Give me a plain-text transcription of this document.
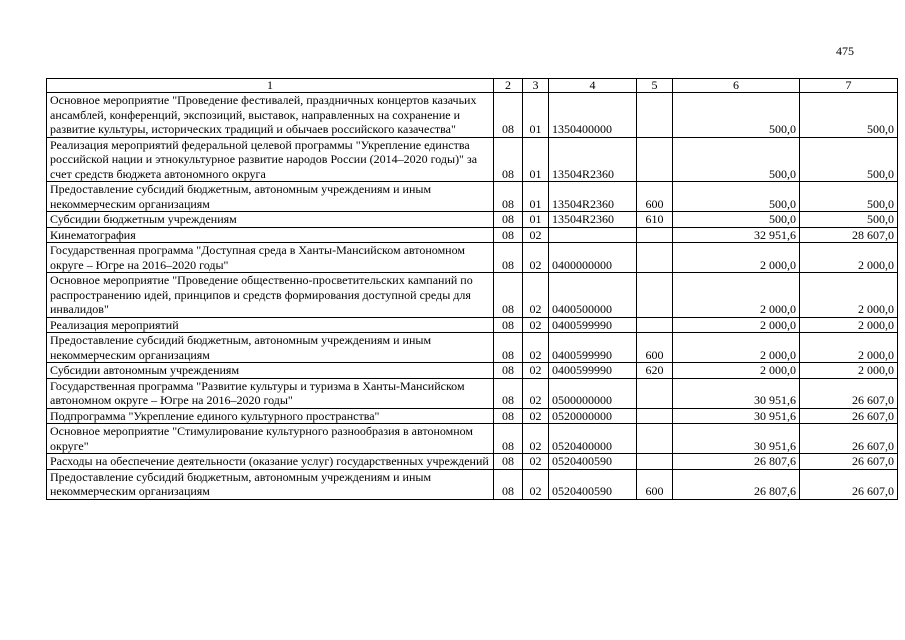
475
1	2	3	4	5	6	7
Основное мероприятие "Проведение фестивалей, праздничных концертов казачьих ансамблей, конференций, экспозиций, выставок, направленных на сохранение и развитие культуры, исторических традиций и обычаев российского казачества"	08	01	1350400000		500,0	500,0
Реализация мероприятий федеральной целевой программы "Укрепление единства российской нации и этнокультурное развитие народов России (2014–2020 годы)" за счет средств бюджета автономного округа	08	01	13504R2360		500,0	500,0
Предоставление субсидий бюджетным, автономным учреждениям и иным некоммерческим организациям	08	01	13504R2360	600	500,0	500,0
Субсидии бюджетным учреждениям	08	01	13504R2360	610	500,0	500,0
Кинематография	08	02			32 951,6	28 607,0
Государственная программа "Доступная среда в Ханты-Мансийском автономном округе – Югре на 2016–2020 годы"	08	02	0400000000		2 000,0	2 000,0
Основное мероприятие "Проведение общественно-просветительских кампаний по распространению идей, принципов и средств формирования доступной среды для инвалидов"	08	02	0400500000		2 000,0	2 000,0
Реализация мероприятий	08	02	0400599990		2 000,0	2 000,0
Предоставление субсидий бюджетным, автономным учреждениям и иным некоммерческим организациям	08	02	0400599990	600	2 000,0	2 000,0
Субсидии автономным учреждениям	08	02	0400599990	620	2 000,0	2 000,0
Государственная программа "Развитие культуры и туризма в Ханты-Мансийском автономном округе – Югре на 2016–2020 годы"	08	02	0500000000		30 951,6	26 607,0
Подпрограмма "Укрепление единого культурного пространства"	08	02	0520000000		30 951,6	26 607,0
Основное мероприятие "Стимулирование культурного разнообразия в автономном округе"	08	02	0520400000		30 951,6	26 607,0
Расходы на обеспечение деятельности (оказание услуг) государственных учреждений	08	02	0520400590		26 807,6	26 607,0
Предоставление субсидий бюджетным, автономным учреждениям и иным некоммерческим организациям	08	02	0520400590	600	26 807,6	26 607,0
